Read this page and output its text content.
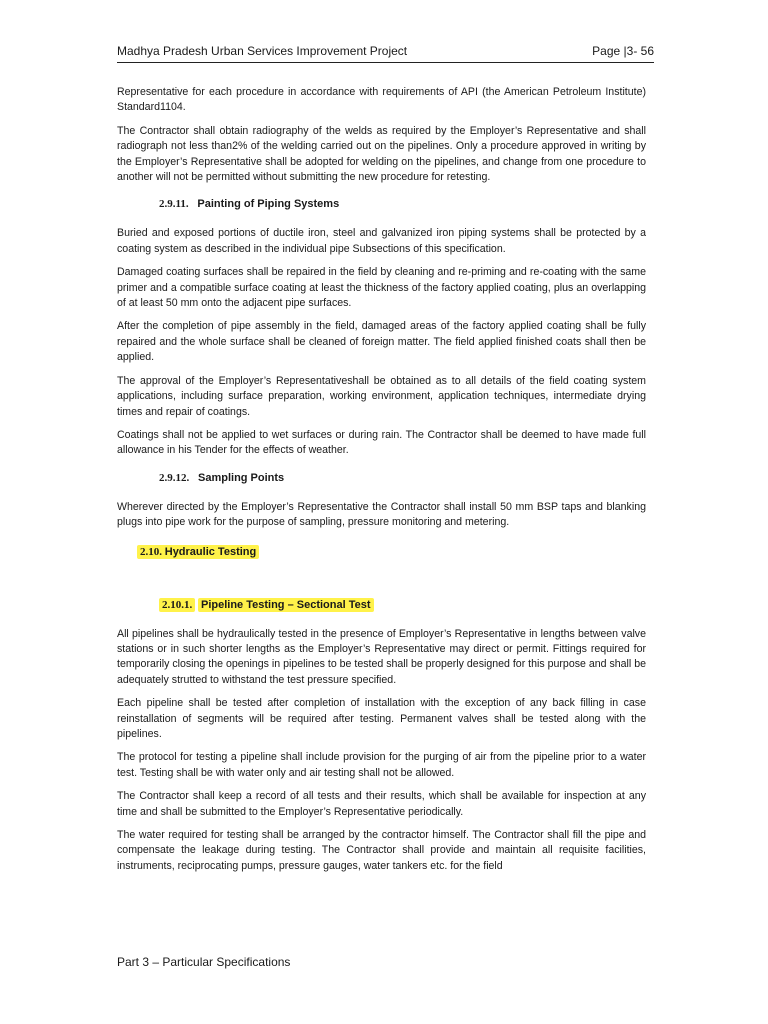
Madhya Pradesh Urban Services Improvement Project	Page |3- 56

Representative for each procedure in accordance with requirements of API (the American Petroleum Institute) Standard1104.

The Contractor shall obtain radiography of the welds as required by the Employer’s Representative and shall radiograph not less than2% of the welding carried out on the pipelines. Only a procedure approved in writing by the Employer’s Representative shall be adopted for welding on the pipelines, and change from one procedure to another will not be permitted without submitting the new procedure for retesting.

2.9.11. Painting of Piping Systems

Buried and exposed portions of ductile iron, steel and galvanized iron piping systems shall be protected by a coating system as described in the individual pipe Subsections of this specification.

Damaged coating surfaces shall be repaired in the field by cleaning and re-priming and re-coating with the same primer and a compatible surface coating at least the thickness of the factory applied coating, plus an overlapping of at least 50 mm onto the adjacent pipe surfaces.

After the completion of pipe assembly in the field, damaged areas of the factory applied coating shall be fully repaired and the whole surface shall be cleaned of foreign matter. The field applied finished coats shall then be applied.

The approval of the Employer’s Representativeshall be obtained as to all details of the field coating system applications, including surface preparation, working environment, application techniques, intermediate drying times and repair of coatings.

Coatings shall not be applied to wet surfaces or during rain. The Contractor shall be deemed to have made full allowance in his Tender for the effects of weather.

2.9.12. Sampling Points

Wherever directed by the Employer’s Representative the Contractor shall install 50 mm BSP taps and blanking plugs into pipe work for the purpose of sampling, pressure monitoring and metering.

2.10. Hydraulic Testing
2.10.1. Pipeline Testing – Sectional Test

All pipelines shall be hydraulically tested in the presence of Employer’s Representative in lengths between valve stations or in such shorter lengths as the Employer’s Representative may direct or permit. Fittings required for temporarily closing the openings in pipelines to be tested shall be properly designed for this purpose and shall be adequately strutted to withstand the test pressure specified.

Each pipeline shall be tested after completion of installation with the exception of any back filling in case reinstallation of segments will be required after testing. Permanent valves shall be tested along with the pipelines.

The protocol for testing a pipeline shall include provision for the purging of air from the pipeline prior to a water test. Testing shall be with water only and air testing shall not be allowed.

The Contractor shall keep a record of all tests and their results, which shall be available for inspection at any time and shall be submitted to the Employer’s Representative periodically.

The water required for testing shall be arranged by the contractor himself. The Contractor shall fill the pipe and compensate the leakage during testing. The Contractor shall provide and maintain all requisite facilities, instruments, reciprocating pumps, pressure gauges, water tankers etc. for the field

Part 3 – Particular Specifications
